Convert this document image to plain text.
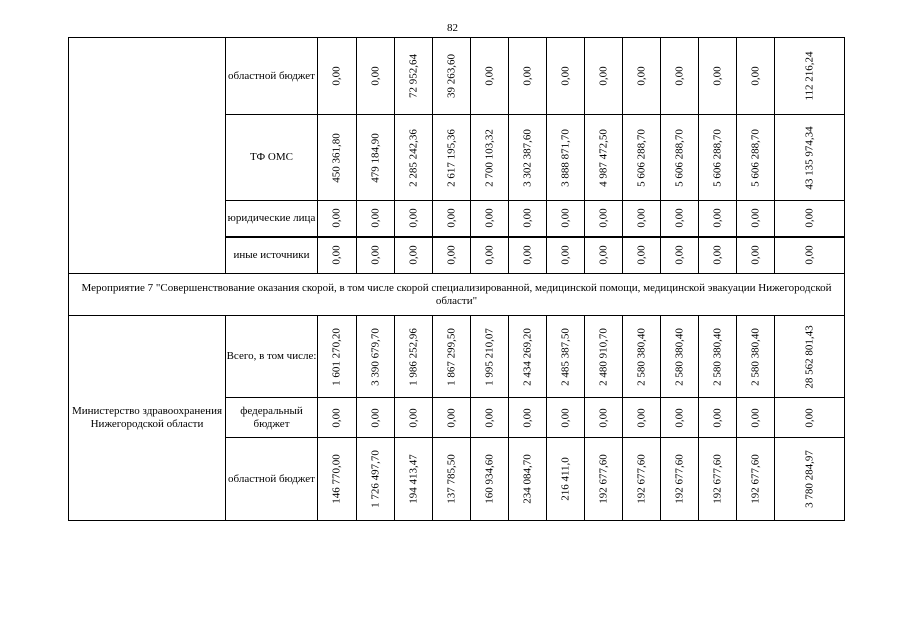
82
	областной бюджет	0,00	0,00	72 952,64	39 263,60	0,00	0,00	0,00	0,00	0,00	0,00	0,00	0,00	112 216,24

	ТФ ОМС	450 361,80	479 184,90	2 285 242,36	2 617 195,36	2 700 103,32	3 302 387,60	3 888 871,70	4 987 472,50	5 606 288,70	5 606 288,70	5 606 288,70	5 606 288,70	43 135 974,34

	юридические лица	0,00	0,00	0,00	0,00	0,00	0,00	0,00	0,00	0,00	0,00	0,00	0,00	0,00

	иные источники	0,00	0,00	0,00	0,00	0,00	0,00	0,00	0,00	0,00	0,00	0,00	0,00	0,00

Мероприятие 7 "Совершенствование оказания скорой, в том числе скорой специализированной, медицинской помощи, медицинской эвакуации Нижегородской области"														
Министерство здравоохранения Нижегородской области	Всего, в том числе:	1 601 270,20	3 390 679,70	1 986 252,96	1 867 299,50	1 995 210,07	2 434 269,20	2 485 387,50	2 480 910,70	2 580 380,40	2 580 380,40	2 580 380,40	2 580 380,40	28 562 801,43

	федеральный бюджет	0,00	0,00	0,00	0,00	0,00	0,00	0,00	0,00	0,00	0,00	0,00	0,00	0,00

	областной бюджет	146 770,00	1 726 497,70	194 413,47	137 785,50	160 934,60	234 084,70	216 411,0	192 677,60	192 677,60	192 677,60	192 677,60	192 677,60	3 780 284,97
